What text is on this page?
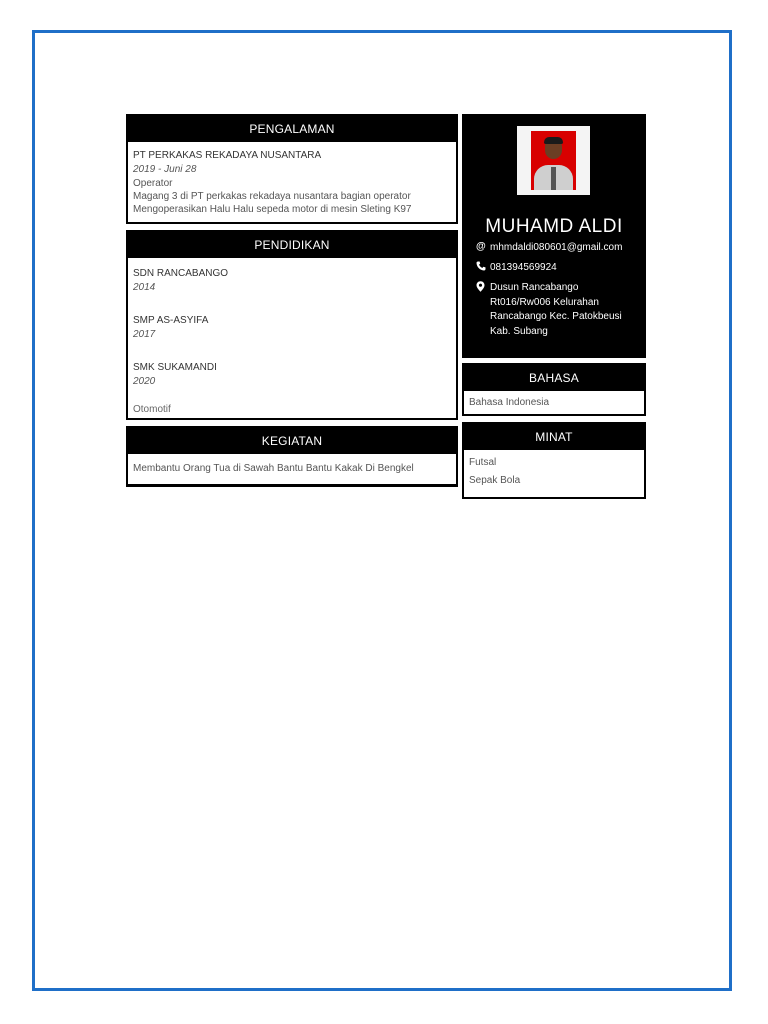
PENGALAMAN
PT PERKAKAS REKADAYA NUSANTARA
2019 - Juni 28
Operator
Magang 3 di PT perkakas rekadaya nusantara bagian operator
Mengoperasikan Halu Halu sepeda motor di mesin Sleting K97
PENDIDIKAN
SDN RANCABANGO
2014
SMP AS-ASYIFA
2017
SMK SUKAMANDI
2020
Otomotif
KEGIATAN
Membantu Orang Tua di Sawah Bantu Bantu Kakak Di Bengkel
MUHAMD ALDI
@ mhmdaldi080601@gmail.com
081394569924
Dusun Rancabango
Rt016/Rw006 Kelurahan
Rancabango Kec. Patokbeusi
Kab. Subang
BAHASA
Bahasa Indonesia
MINAT
Futsal
Sepak Bola
